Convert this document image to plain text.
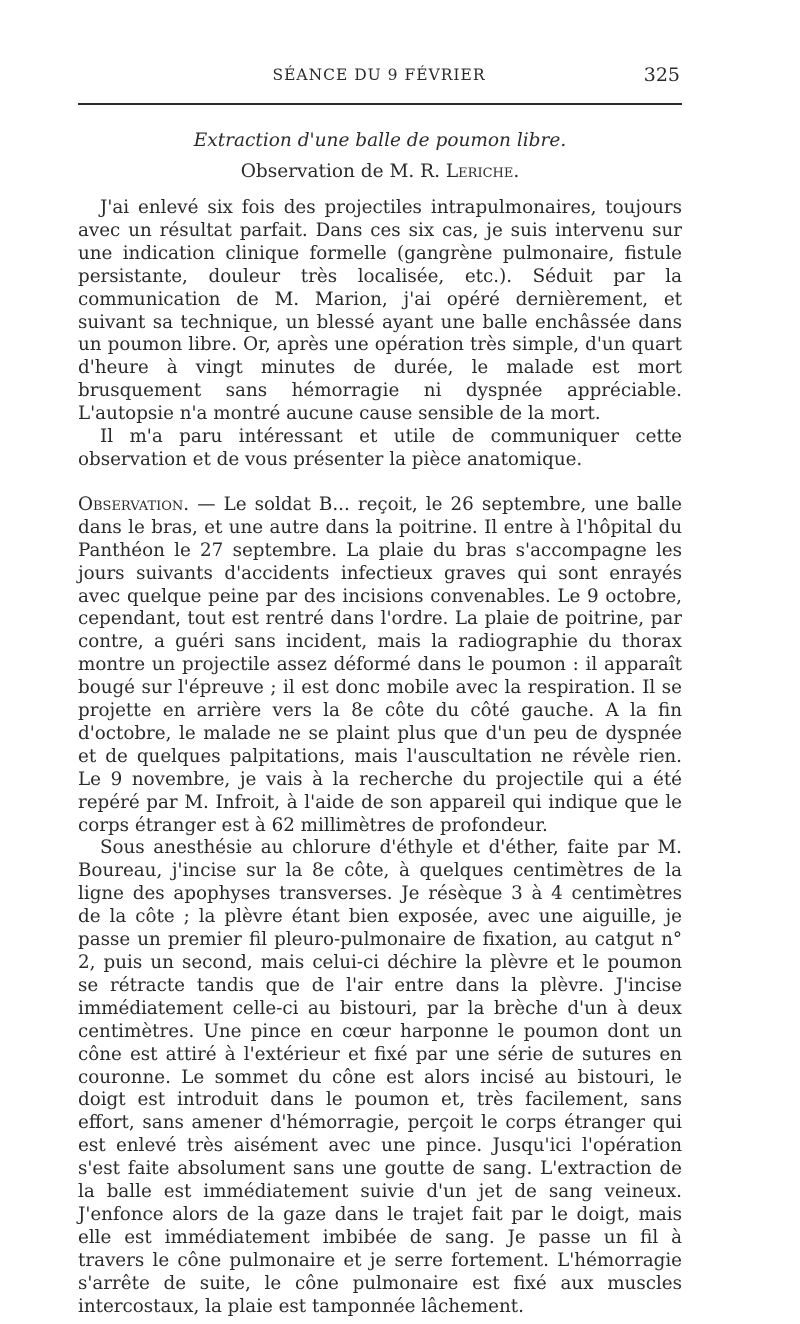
SÉANCE DU 9 FÉVRIER	325
Extraction d'une balle de poumon libre.
Observation de M. R. Leriche.

J'ai enlevé six fois des projectiles intrapulmonaires, toujours avec un résultat parfait. Dans ces six cas, je suis intervenu sur une indication clinique formelle (gangrène pulmonaire, fistule persistante, douleur très localisée, etc.). Séduit par la communication de M. Marion, j'ai opéré dernièrement, et suivant sa technique, un blessé ayant une balle enchâssée dans un poumon libre. Or, après une opération très simple, d'un quart d'heure à vingt minutes de durée, le malade est mort brusquement sans hémorragie ni dyspnée appréciable. L'autopsie n'a montré aucune cause sensible de la mort.

Il m'a paru intéressant et utile de communiquer cette observation et de vous présenter la pièce anatomique.

Observation. — Le soldat B... reçoit, le 26 septembre, une balle dans le bras, et une autre dans la poitrine. Il entre à l'hôpital du Panthéon le 27 septembre. La plaie du bras s'accompagne les jours suivants d'accidents infectieux graves qui sont enrayés avec quelque peine par des incisions convenables. Le 9 octobre, cependant, tout est rentré dans l'ordre. La plaie de poitrine, par contre, a guéri sans incident, mais la radiographie du thorax montre un projectile assez déformé dans le poumon : il apparaît bougé sur l'épreuve ; il est donc mobile avec la respiration. Il se projette en arrière vers la 8e côte du côté gauche. A la fin d'octobre, le malade ne se plaint plus que d'un peu de dyspnée et de quelques palpitations, mais l'auscultation ne révèle rien. Le 9 novembre, je vais à la recherche du projectile qui a été repéré par M. Infroit, à l'aide de son appareil qui indique que le corps étranger est à 62 millimètres de profondeur.

Sous anesthésie au chlorure d'éthyle et d'éther, faite par M. Boureau, j'incise sur la 8e côte, à quelques centimètres de la ligne des apophyses transverses. Je résèque 3 à 4 centimètres de la côte ; la plèvre étant bien exposée, avec une aiguille, je passe un premier fil pleuro-pulmonaire de fixation, au catgut n° 2, puis un second, mais celui-ci déchire la plèvre et le poumon se rétracte tandis que de l'air entre dans la plèvre. J'incise immédiatement celle-ci au bistouri, par la brèche d'un à deux centimètres. Une pince en cœur harponne le poumon dont un cône est attiré à l'extérieur et fixé par une série de sutures en couronne. Le sommet du cône est alors incisé au bistouri, le doigt est introduit dans le poumon et, très facilement, sans effort, sans amener d'hémorragie, perçoit le corps étranger qui est enlevé très aisément avec une pince. Jusqu'ici l'opération s'est faite absolument sans une goutte de sang. L'extraction de la balle est immédiatement suivie d'un jet de sang veineux. J'enfonce alors de la gaze dans le trajet fait par le doigt, mais elle est immédiatement imbibée de sang. Je passe un fil à travers le cône pulmonaire et je serre fortement. L'hémorragie s'arrête de suite, le cône pulmonaire est fixé aux muscles intercostaux, la plaie est tamponnée lâchement.
